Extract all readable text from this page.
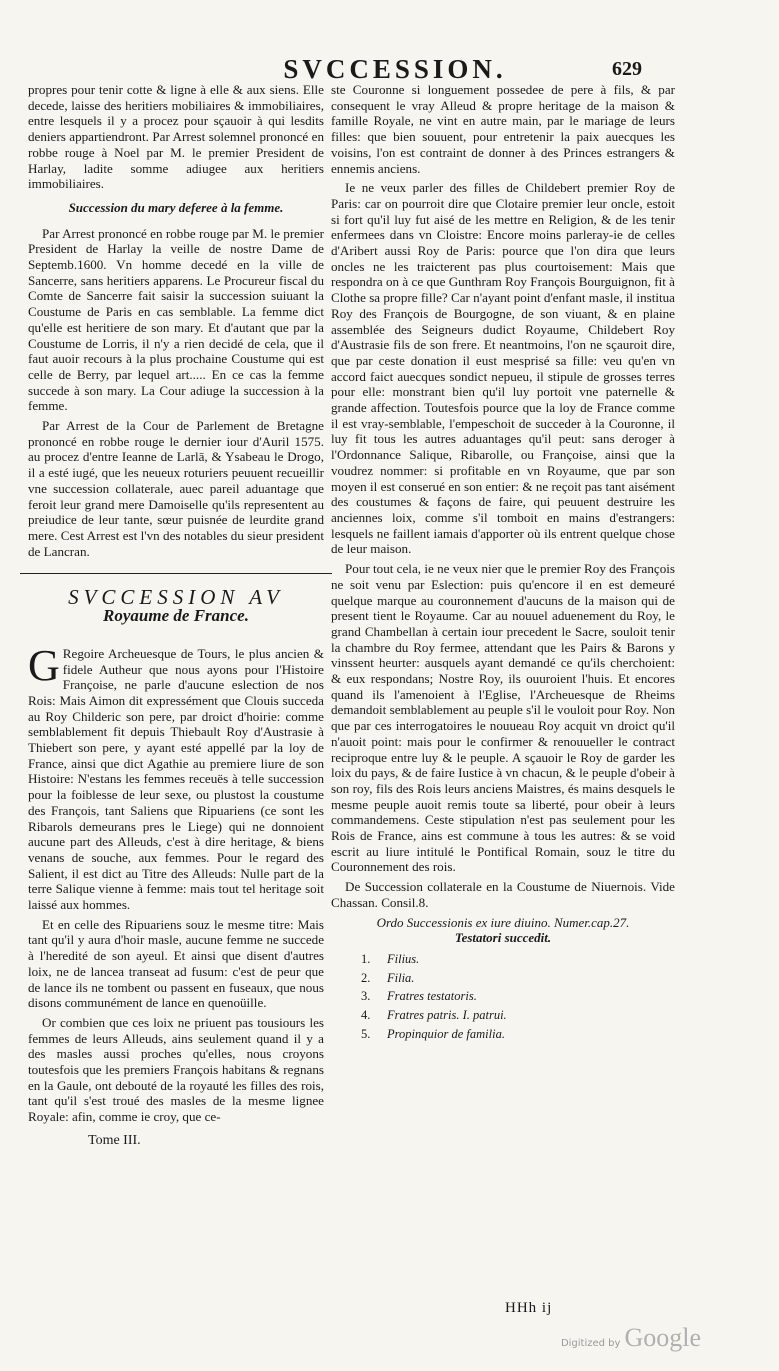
SVCCESSION.	629

propres pour tenir cotte & ligne à elle & aux siens. Elle decede, laisse des heritiers mobiliaires & immobiliaires, entre lesquels il y a procez pour sçauoir à qui lesdits deniers appartiendront. Par Arrest solemnel prononcé en robbe rouge à Noel par M. le premier President de Harlay, ladite somme adiugee aux heritiers immobiliaires.

Succession du mary deferee à la femme.

Par Arrest prononcé en robbe rouge par M. le premier President de Harlay la veille de nostre Dame de Septemb.1600. Vn homme decedé en la ville de Sancerre, sans heritiers apparens. Le Procureur fiscal du Comte de Sancerre fait saisir la succession suiuant la Coustume de Paris en cas semblable. La femme dict qu'elle est heritiere de son mary. Et d'autant que par la Coustume de Lorris, il n'y a rien decidé de cela, que il faut auoir recours à la plus prochaine Coustume qui est celle de Berry, par lequel art..... En ce cas la femme succede à son mary. La Cour adiuge la succession à la femme.

Par Arrest de la Cour de Parlement de Bretagne prononcé en robbe rouge le dernier iour d'Auril 1575. au procez d'entre Ieanne de Larlā, & Ysabeau le Drogo, il a esté iugé, que les neueux roturiers peuuent recueillir vne succession collaterale, auec pareil aduantage que feroit leur grand mere Damoiselle qu'ils representent au preiudice de leur tante, sœur puisnée de leurdite grand mere. Cest Arrest est l'vn des notables du sieur president de Lancran.

SVCCESSION AV
Royaume de France.

G Regoire Archeuesque de Tours, le plus ancien & fidele Autheur que nous ayons pour l'Histoire Françoise, ne parle d'aucune eslection de nos Rois: Mais Aimon dit expressément que Clouis succeda au Roy Childeric son pere, par droict d'hoirie: comme semblablement fit depuis Thiebault Roy d'Austrasie à Thiebert son pere, y ayant esté appellé par la loy de France, ainsi que dict Agathie au premiere liure de son Histoire: N'estans les femmes receuës à telle succession pour la foiblesse de leur sexe, ou plustost la coustume des François, tant Saliens que Ripuariens (ce sont les Ribarols demeurans pres le Liege) qui ne donnoient aucune part des Alleuds, c'est à dire heritage, & biens venans de souche, aux femmes. Pour le regard des Salient, il est dict au Titre des Alleuds: Nulle part de la terre Salique vienne à femme: mais tout tel heritage soit laissé aux hommes.

Et en celle des Ripuariens souz le mesme titre: Mais tant qu'il y aura d'hoir masle, aucune femme ne succede à l'heredité de son ayeul. Et ainsi que disent d'autres loix, ne de lancea transeat ad fusum: c'est de peur que de lance ils ne tombent ou passent en fuseaux, que nous disons communément de lance en quenoüille.

Or combien que ces loix ne priuent pas tousiours les femmes de leurs Alleuds, ains seulement quand il y a des masles aussi proches qu'elles, nous croyons toutesfois que les premiers François habitans & regnans en la Gaule, ont debouté de la royauté les filles des rois, tant qu'il s'est troué des masles de la mesme lignee Royale: afin, comme ie croy, que ce-

Tome III.

ste Couronne si longuement possedee de pere à fils, & par consequent le vray Alleud & propre heritage de la maison & famille Royale, ne vint en autre main, par le mariage de leurs filles: que bien souuent, pour entretenir la paix auecques les voisins, l'on est contraint de donner à des Princes estrangers & ennemis anciens.

Ie ne veux parler des filles de Childebert premier Roy de Paris: car on pourroit dire que Clotaire premier leur oncle, estoit si fort qu'il luy fut aisé de les mettre en Religion, & de les tenir enfermees dans vn Cloistre: Encore moins parleray-ie de celles d'Aribert aussi Roy de Paris: pource que l'on dira que leurs oncles ne les traicterent pas plus courtoisement: Mais que respondra on à ce que Gunthram Roy François Bourguignon, fit à Clothe sa propre fille? Car n'ayant point d'enfant masle, il institua Roy des François de Bourgogne, de son viuant, & en plaine assemblée des Seigneurs dudict Royaume, Childebert Roy d'Austrasie fils de son frere. Et neantmoins, l'on ne sçauroit dire, que par ceste donation il eust mesprisé sa fille: veu qu'en vn accord faict auecques sondict nepueu, il stipule de grosses terres pour elle: monstrant bien qu'il luy portoit vne paternelle & grande affection. Toutesfois pource que la loy de France comme il est vray-semblable, l'empeschoit de succeder à la Couronne, il luy fit tous les autres aduantages qu'il peut: sans deroger à l'Ordonnance Salique, Ribarolle, ou Françoise, ainsi que la voudrez nommer: si profitable en vn Royaume, que par son moyen il est conserué en son entier: & ne reçoit pas tant aisément des coustumes & façons de faire, qui peuuent destruire les anciennes loix, comme s'il tomboit en mains d'estrangers: lesquels ne faillent iamais d'apporter où ils entrent quelque chose de leur maison.

Pour tout cela, ie ne veux nier que le premier Roy des François ne soit venu par Eslection: puis qu'encore il en est demeuré quelque marque au couronnement d'aucuns de la maison qui de present tient le Royaume. Car au nouuel aduenement du Roy, le grand Chambellan à certain iour precedent le Sacre, souloit tenir la chambre du Roy fermee, attendant que les Pairs & Barons y vinssent heurter: ausquels ayant demandé ce qu'ils cherchoient: & eux respondans; Nostre Roy, ils ouuroient l'huis. Et encores quand ils l'amenoient à l'Eglise, l'Archeuesque de Rheims demandoit semblablement au peuple s'il le vouloit pour Roy. Non que par ces interrogatoires le nouueau Roy acquit vn droict qu'il n'auoit point: mais pour le confirmer & renouueller le contract reciproque entre luy & le peuple. A sçauoir le Roy de garder les loix du pays, & de faire Iustice à vn chacun, & le peuple d'obeir à son roy, fils des Rois leurs anciens Maistres, és mains desquels le mesme peuple auoit remis toute sa liberté, pour obeir à leurs commandemens. Ceste stipulation n'est pas seulement pour les Rois de France, ains est commune à tous les autres: & se void escrit au liure intitulé le Pontifical Romain, souz le titre du Couronnement des rois.

De Succession collaterale en la Coustume de Niuernois. Vide Chassan. Consil.8.

Ordo Successionis ex iure diuino. Numer.cap.27.
Testatori succedit.
1.	Filius.
2.	Filia.
3.	Fratres testatoris.
4.	Fratres patris. I. patrui.
5.	Propinquior de familia.
HHh ij
Digitized by Google
